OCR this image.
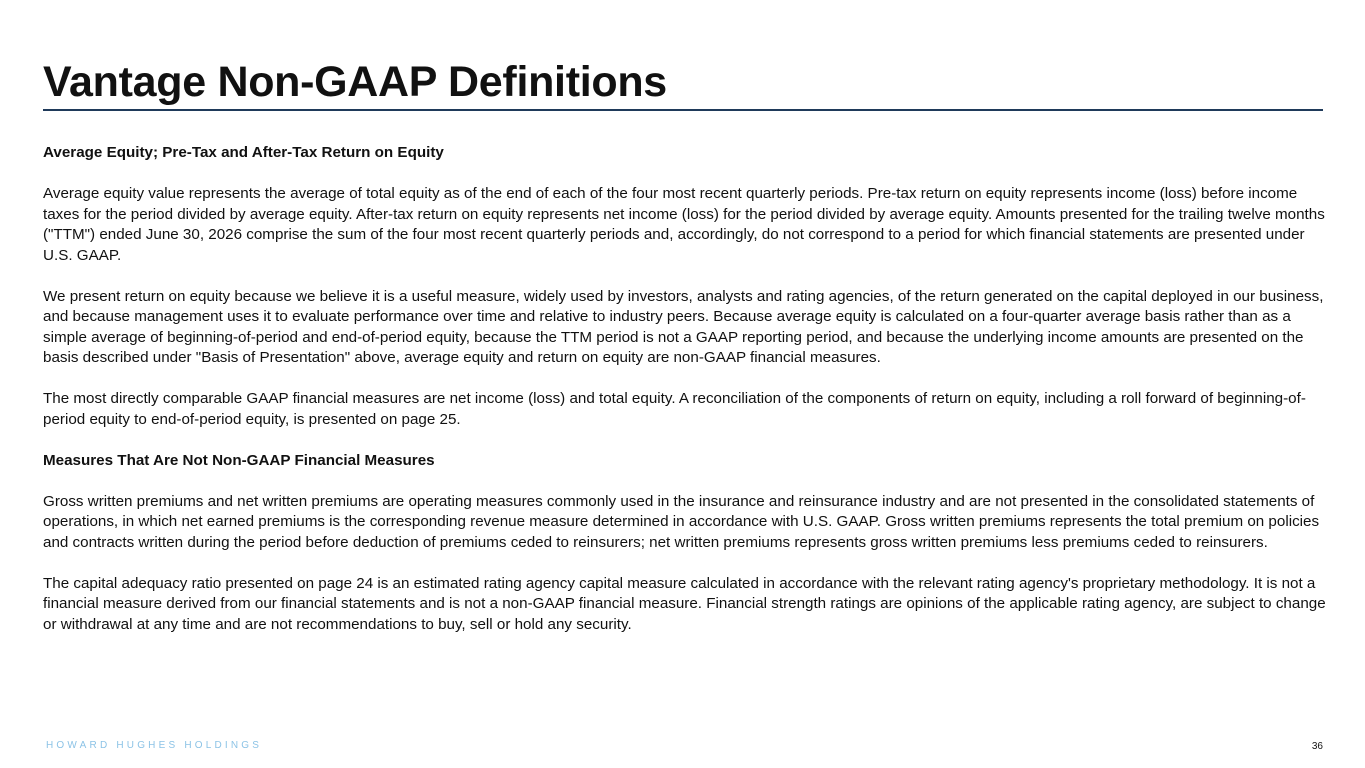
Vantage Non-GAAP Definitions

Average Equity; Pre-Tax and After-Tax Return on Equity

Average equity value represents the average of total equity as of the end of each of the four most recent quarterly periods. Pre-tax return on equity represents income (loss) before income taxes for the period divided by average equity. After-tax return on equity represents net income (loss) for the period divided by average equity. Amounts presented for the trailing twelve months ("TTM") ended June 30, 2026 comprise the sum of the four most recent quarterly periods and, accordingly, do not correspond to a period for which financial statements are presented under U.S. GAAP.

We present return on equity because we believe it is a useful measure, widely used by investors, analysts and rating agencies, of the return generated on the capital deployed in our business, and because management uses it to evaluate performance over time and relative to industry peers. Because average equity is calculated on a four-quarter average basis rather than as a simple average of beginning-of-period and end-of-period equity, because the TTM period is not a GAAP reporting period, and because the underlying income amounts are presented on the basis described under "Basis of Presentation" above, average equity and return on equity are non-GAAP financial measures.

The most directly comparable GAAP financial measures are net income (loss) and total equity. A reconciliation of the components of return on equity, including a roll forward of beginning-of-period equity to end-of-period equity, is presented on page 25.

Measures That Are Not Non-GAAP Financial Measures

Gross written premiums and net written premiums are operating measures commonly used in the insurance and reinsurance industry and are not presented in the consolidated statements of operations, in which net earned premiums is the corresponding revenue measure determined in accordance with U.S. GAAP. Gross written premiums represents the total premium on policies and contracts written during the period before deduction of premiums ceded to reinsurers; net written premiums represents gross written premiums less premiums ceded to reinsurers.

The capital adequacy ratio presented on page 24 is an estimated rating agency capital measure calculated in accordance with the relevant rating agency's proprietary methodology. It is not a financial measure derived from our financial statements and is not a non-GAAP financial measure. Financial strength ratings are opinions of the applicable rating agency, are subject to change or withdrawal at any time and are not recommendations to buy, sell or hold any security.

HOWARD HUGHES HOLDINGS	36
